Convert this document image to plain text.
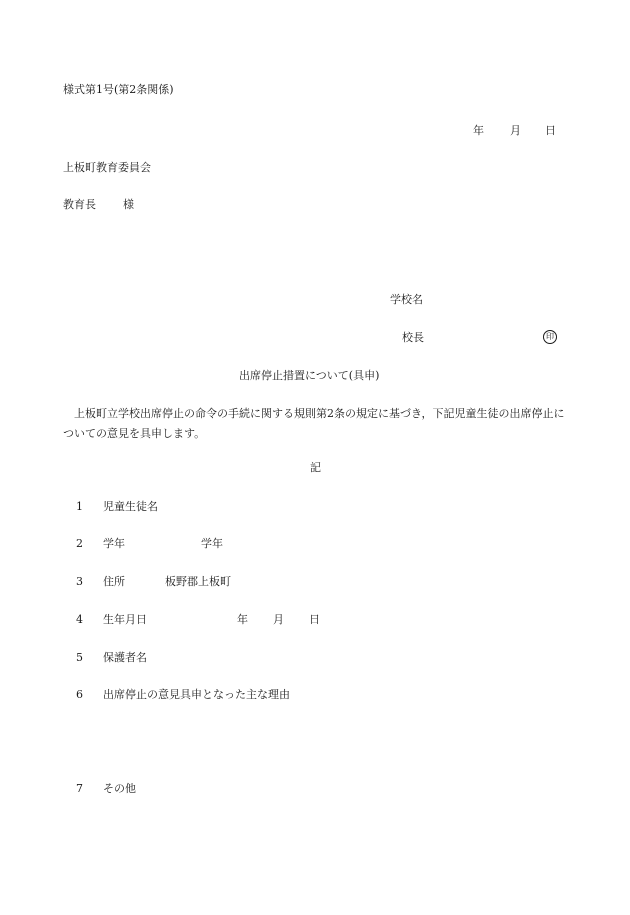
様式第1号(第2条関係)
年 月 日
上板町教育委員会
教育長 様
学校名
校長	印
出席停止措置について(具申)
上板町立学校出席停止の命令の手続に関する規則第2条の規定に基づき，下記児童生徒の出席停止についての意見を具申します。
記
1 児童生徒名
2 学年	学年
3 住所	板野郡上板町
4 生年月日	年 月 日
5 保護者名
6 出席停止の意見具申となった主な理由
7 その他
